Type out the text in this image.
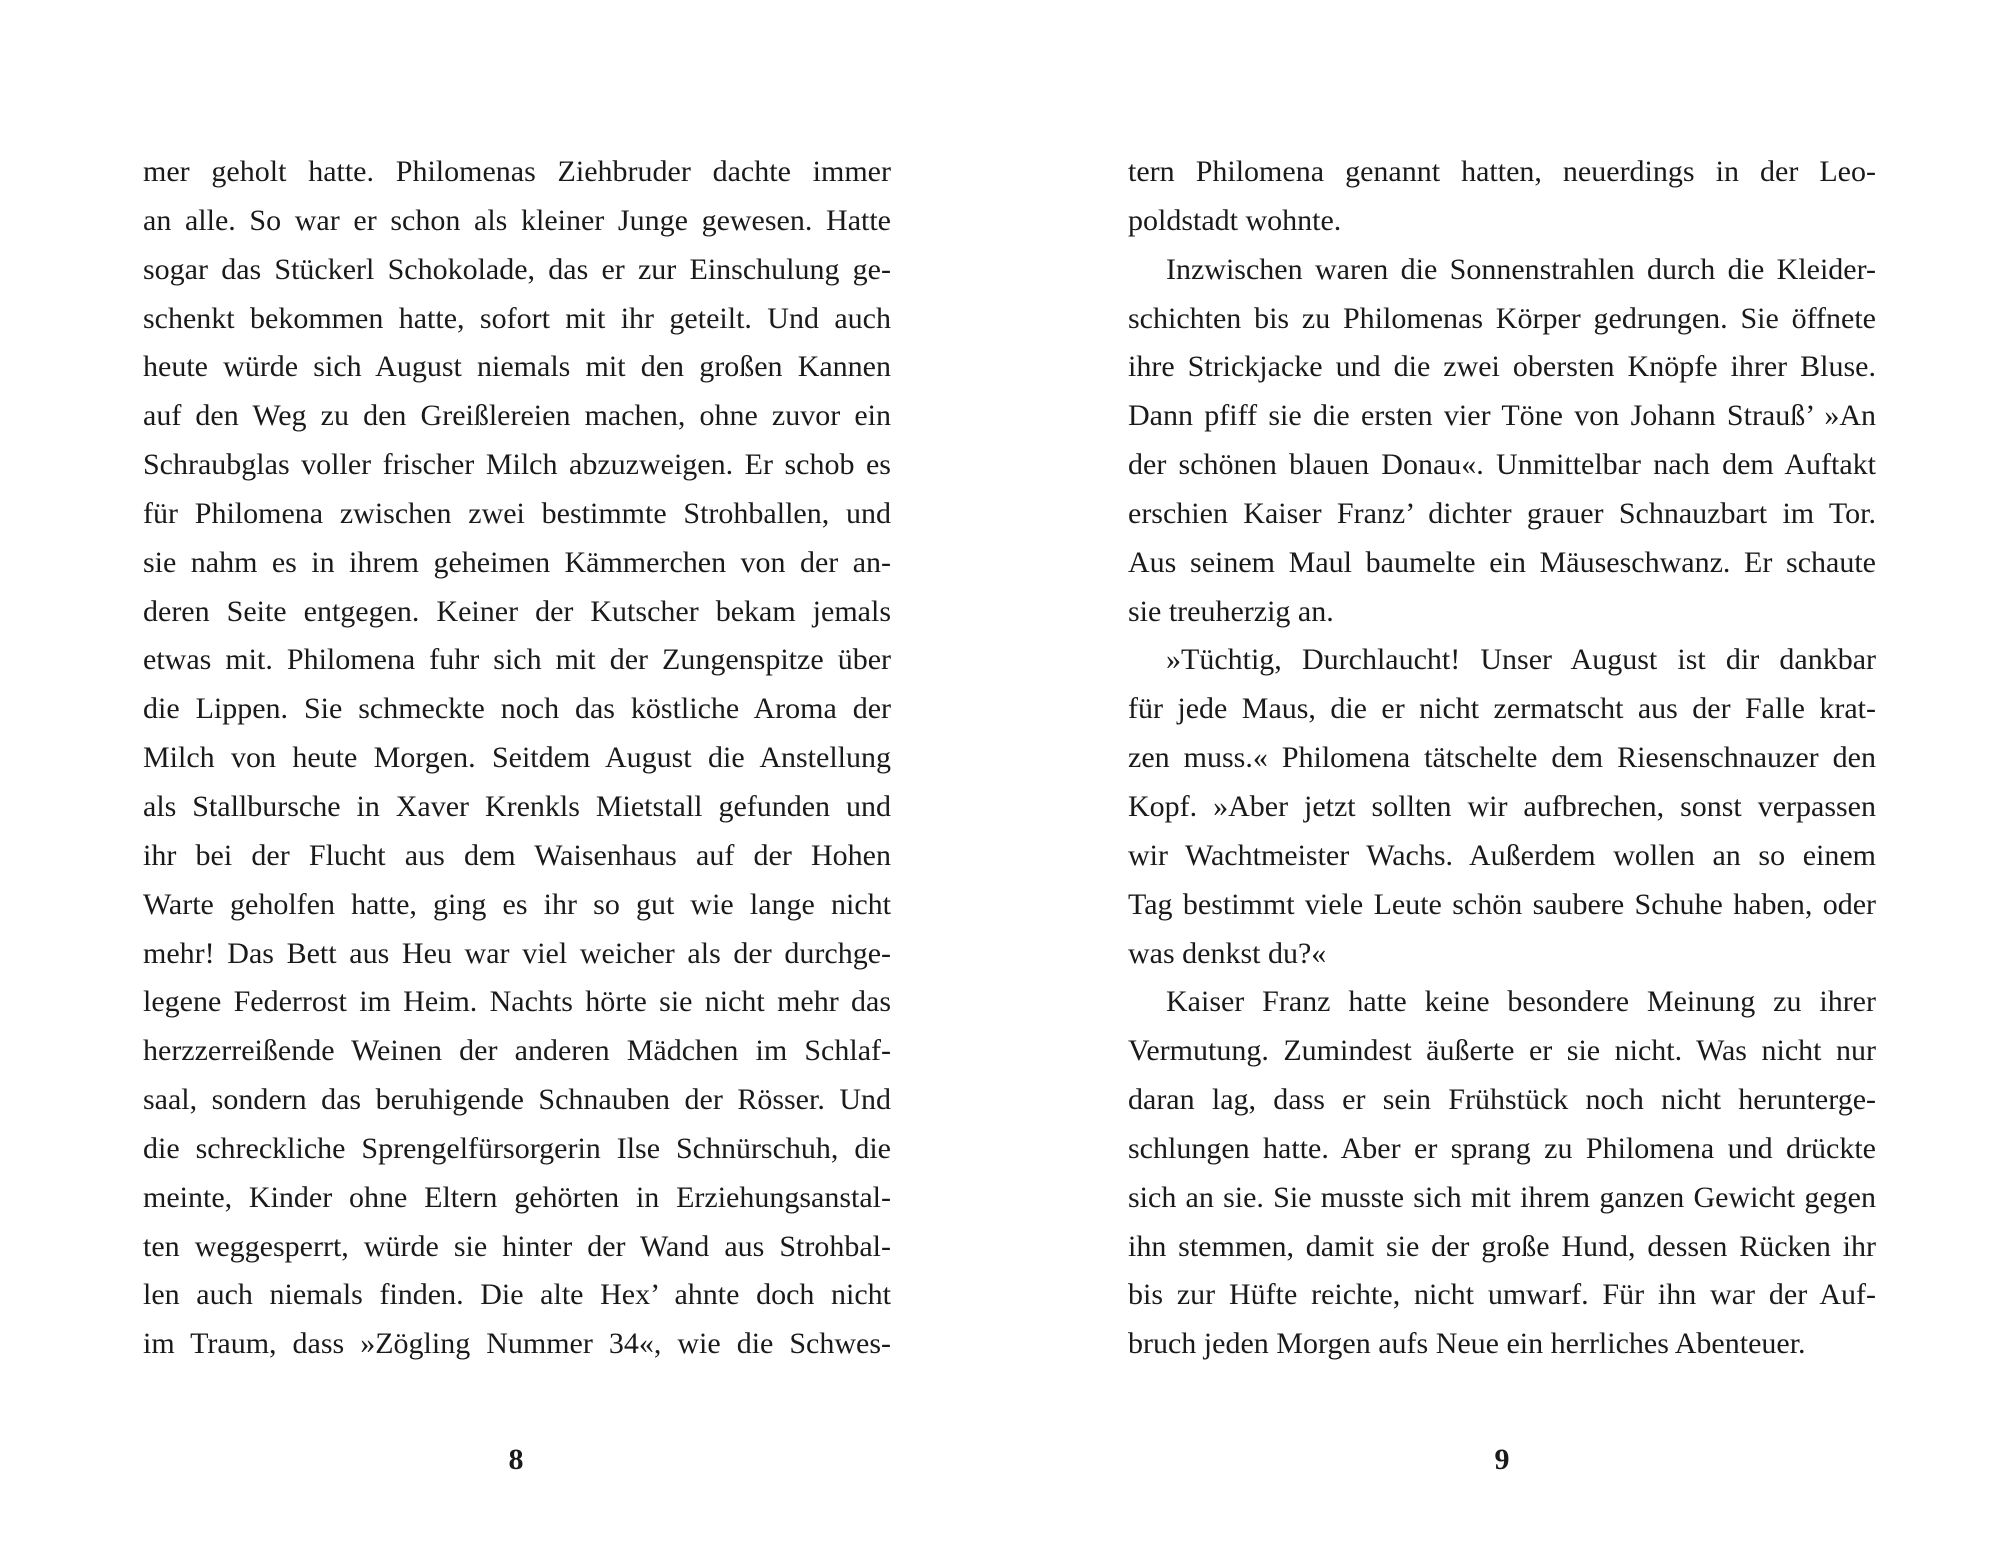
mer geholt hatte. Philomenas Ziehbruder dachte immer
an alle. So war er schon als kleiner Junge gewesen. Hatte
sogar das Stückerl Schokolade, das er zur Einschulung ge-
schenkt bekommen hatte, sofort mit ihr geteilt. Und auch
heute würde sich August niemals mit den großen Kannen
auf den Weg zu den Greißlereien machen, ohne zuvor ein
Schraubglas voller frischer Milch abzuzweigen. Er schob es
für Philomena zwischen zwei bestimmte Strohballen, und
sie nahm es in ihrem geheimen Kämmerchen von der an-
deren Seite entgegen. Keiner der Kutscher bekam jemals
etwas mit. Philomena fuhr sich mit der Zungenspitze über
die Lippen. Sie schmeckte noch das köstliche Aroma der
Milch von heute Morgen. Seitdem August die Anstellung
als Stallbursche in Xaver Krenkls Mietstall gefunden und
ihr bei der Flucht aus dem Waisenhaus auf der Hohen
Warte geholfen hatte, ging es ihr so gut wie lange nicht
mehr! Das Bett aus Heu war viel weicher als der durchge-
legene Federrost im Heim. Nachts hörte sie nicht mehr das
herzzerreißende Weinen der anderen Mädchen im Schlaf-
saal, sondern das beruhigende Schnauben der Rösser. Und
die schreckliche Sprengelfürsorgerin Ilse Schnürschuh, die
meinte, Kinder ohne Eltern gehörten in Erziehungsanstal-
ten weggesperrt, würde sie hinter der Wand aus Strohbal-
len auch niemals finden. Die alte Hex’ ahnte doch nicht
im Traum, dass »Zögling Nummer 34«, wie die Schwes-
8
tern Philomena genannt hatten, neuerdings in der Leo-
poldstadt wohnte.
Inzwischen waren die Sonnenstrahlen durch die Kleider-
schichten bis zu Philomenas Körper gedrungen. Sie öffnete
ihre Strickjacke und die zwei obersten Knöpfe ihrer Bluse.
Dann pfiff sie die ersten vier Töne von Johann Strauß’ »An
der schönen blauen Donau«. Unmittelbar nach dem Auftakt
erschien Kaiser Franz’ dichter grauer Schnauzbart im Tor.
Aus seinem Maul baumelte ein Mäuseschwanz. Er schaute
sie treuherzig an.
»Tüchtig, Durchlaucht! Unser August ist dir dankbar
für jede Maus, die er nicht zermatscht aus der Falle krat-
zen muss.« Philomena tätschelte dem Riesenschnauzer den
Kopf. »Aber jetzt sollten wir aufbrechen, sonst verpassen
wir Wachtmeister Wachs. Außerdem wollen an so einem
Tag bestimmt viele Leute schön saubere Schuhe haben, oder
was denkst du?«
Kaiser Franz hatte keine besondere Meinung zu ihrer
Vermutung. Zumindest äußerte er sie nicht. Was nicht nur
daran lag, dass er sein Frühstück noch nicht herunterge-
schlungen hatte. Aber er sprang zu Philomena und drückte
sich an sie. Sie musste sich mit ihrem ganzen Gewicht gegen
ihn stemmen, damit sie der große Hund, dessen Rücken ihr
bis zur Hüfte reichte, nicht umwarf. Für ihn war der Auf-
bruch jeden Morgen aufs Neue ein herrliches Abenteuer.
9
